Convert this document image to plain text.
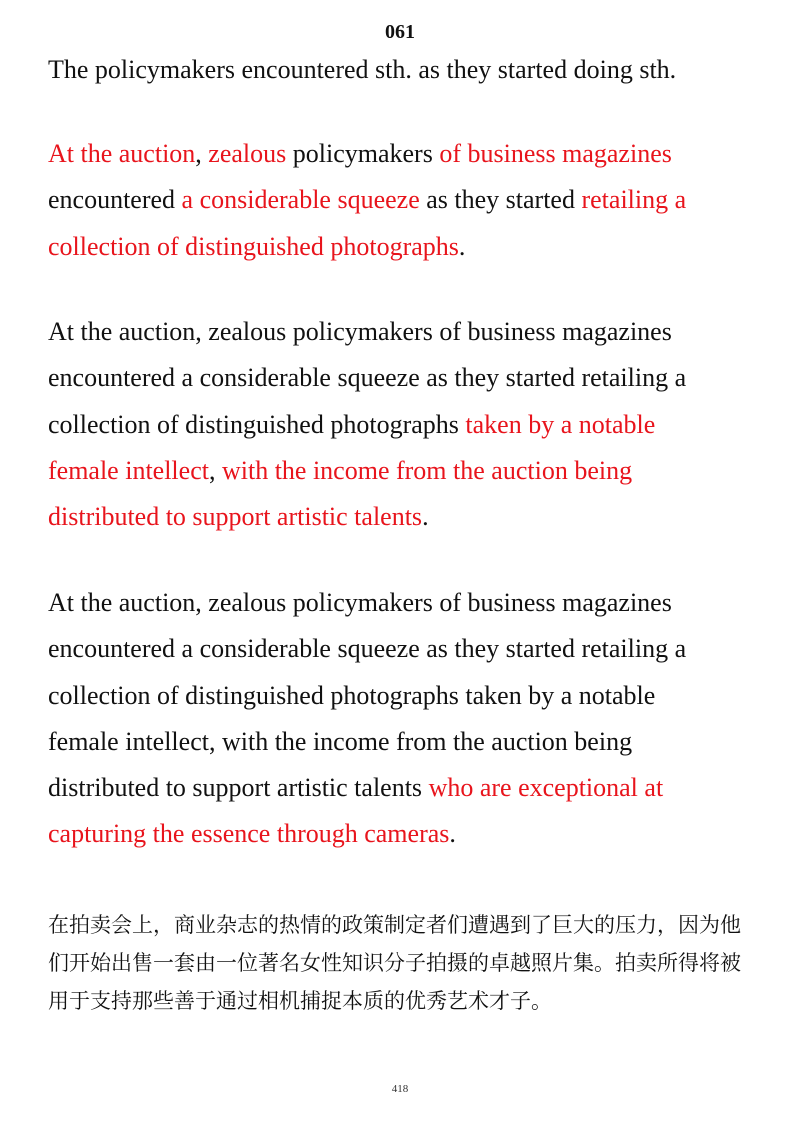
061
The policymakers encountered sth. as they started doing sth.

At the auction, zealous policymakers of business magazines encountered a considerable squeeze as they started retailing a collection of distinguished photographs.

At the auction, zealous policymakers of business magazines encountered a considerable squeeze as they started retailing a collection of distinguished photographs taken by a notable female intellect, with the income from the auction being distributed to support artistic talents.

At the auction, zealous policymakers of business magazines encountered a considerable squeeze as they started retailing a collection of distinguished photographs taken by a notable female intellect, with the income from the auction being distributed to support artistic talents who are exceptional at capturing the essence through cameras.

在拍卖会上，商业杂志的热情的政策制定者们遭遇到了巨大的压力，因为他们开始出售一套由一位著名女性知识分子拍摄的卓越照片集。拍卖所得将被用于支持那些善于通过相机捕捉本质的优秀艺术才子。

418
